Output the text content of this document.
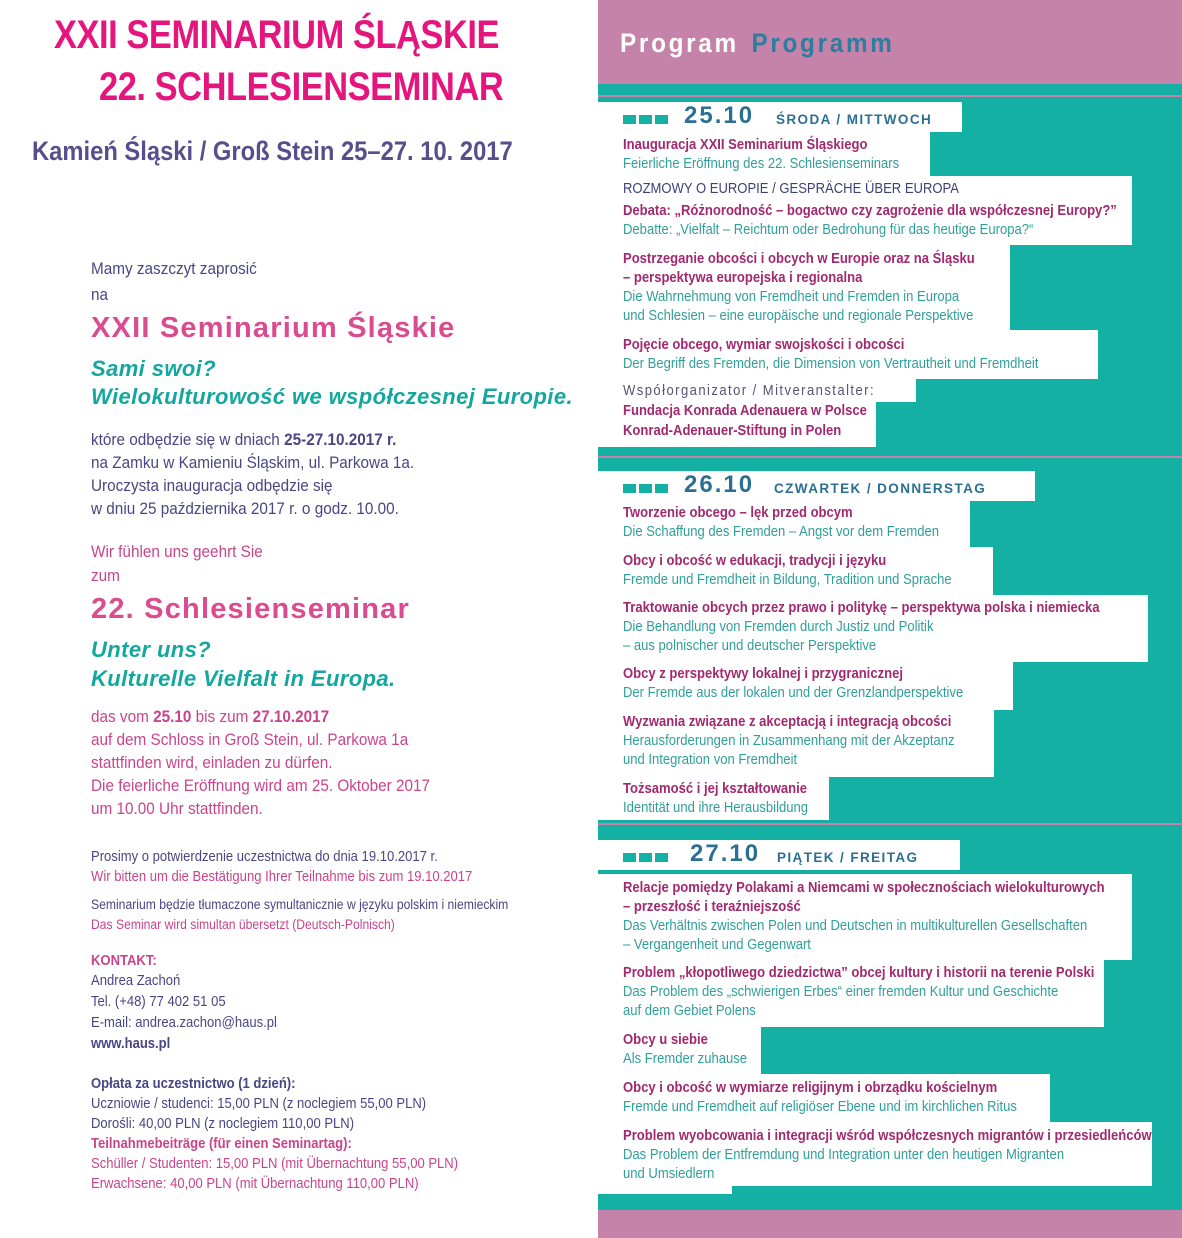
XXII SEMINARIUM ŚLĄSKIE
22. SCHLESIENSEMINAR
Kamień Śląski / Groß Stein 25–27. 10. 2017
Mamy zaszczyt zaprosić
na
XXII Seminarium Śląskie
Sami swoi?
Wielokulturowość we współczesnej Europie.
które odbędzie się w dniach 25-27.10.2017 r.
na Zamku w Kamieniu Śląskim, ul. Parkowa 1a.
Uroczysta inauguracja odbędzie się
w dniu 25 października 2017 r. o godz. 10.00.
Wir fühlen uns geehrt Sie
zum
22. Schlesienseminar
Unter uns?
Kulturelle Vielfalt in Europa.
das vom 25.10 bis zum 27.10.2017
auf dem Schloss in Groß Stein, ul. Parkowa 1a
stattfinden wird, einladen zu dürfen.
Die feierliche Eröffnung wird am 25. Oktober 2017
um 10.00 Uhr stattfinden.
Prosimy o potwierdzenie uczestnictwa do dnia 19.10.2017 r.
Wir bitten um die Bestätigung Ihrer Teilnahme bis zum 19.10.2017
Seminarium będzie tłumaczone symultanicznie w języku polskim i niemieckim
Das Seminar wird simultan übersetzt (Deutsch-Polnisch)
KONTAKT:
Andrea Zachoń
Tel. (+48) 77 402 51 05
E-mail: andrea.zachon@haus.pl
www.haus.pl
Opłata za uczestnictwo (1 dzień):
Uczniowie / studenci: 15,00 PLN (z noclegiem 55,00 PLN)
Dorośli: 40,00 PLN (z noclegiem 110,00 PLN)
Teilnahmebeiträge (für einen Seminartag):
Schüller / Studenten: 15,00 PLN (mit Übernachtung 55,00 PLN)
Erwachsene: 40,00 PLN (mit Übernachtung 110,00 PLN)
Program Programm
25.10 ŚRODA / MITTWOCH
Inauguracja XXII Seminarium Śląskiego
Feierliche Eröffnung des 22. Schlesienseminars
ROZMOWY O EUROPIE / GESPRÄCHE ÜBER EUROPA
Debata: „Różnorodność – bogactwo czy zagrożenie dla współczesnej Europy?”
Debatte: „Vielfalt – Reichtum oder Bedrohung für das heutige Europa?“
Postrzeganie obcości i obcych w Europie oraz na Śląsku
– perspektywa europejska i regionalna
Die Wahrnehmung von Fremdheit und Fremden in Europa
und Schlesien – eine europäische und regionale Perspektive
Pojęcie obcego, wymiar swojskości i obcości
Der Begriff des Fremden, die Dimension von Vertrautheit und Fremdheit
Współorganizator / Mitveranstalter:
Fundacja Konrada Adenauera w Polsce
Konrad-Adenauer-Stiftung in Polen
26.10 CZWARTEK / DONNERSTAG
Tworzenie obcego – lęk przed obcym
Die Schaffung des Fremden – Angst vor dem Fremden
Obcy i obcość w edukacji, tradycji i języku
Fremde und Fremdheit in Bildung, Tradition und Sprache
Traktowanie obcych przez prawo i politykę – perspektywa polska i niemiecka
Die Behandlung von Fremden durch Justiz und Politik
– aus polnischer und deutscher Perspektive
Obcy z perspektywy lokalnej i przygranicznej
Der Fremde aus der lokalen und der Grenzlandperspektive
Wyzwania związane z akceptacją i integracją obcości
Herausforderungen in Zusammenhang mit der Akzeptanz
und Integration von Fremdheit
Tożsamość i jej kształtowanie
Identität und ihre Herausbildung
27.10 PIĄTEK / FREITAG
Relacje pomiędzy Polakami a Niemcami w społecznościach wielokulturowych
– przeszłość i teraźniejszość
Das Verhältnis zwischen Polen und Deutschen in multikulturellen Gesellschaften
– Vergangenheit und Gegenwart
Problem „kłopotliwego dziedzictwa” obcej kultury i historii na terenie Polski
Das Problem des „schwierigen Erbes“ einer fremden Kultur und Geschichte
auf dem Gebiet Polens
Obcy u siebie
Als Fremder zuhause
Obcy i obcość w wymiarze religijnym i obrządku kościelnym
Fremde und Fremdheit auf religiöser Ebene und im kirchlichen Ritus
Problem wyobcowania i integracji wśród współczesnych migrantów i przesiedleńców
Das Problem der Entfremdung und Integration unter den heutigen Migranten
und Umsiedlern
